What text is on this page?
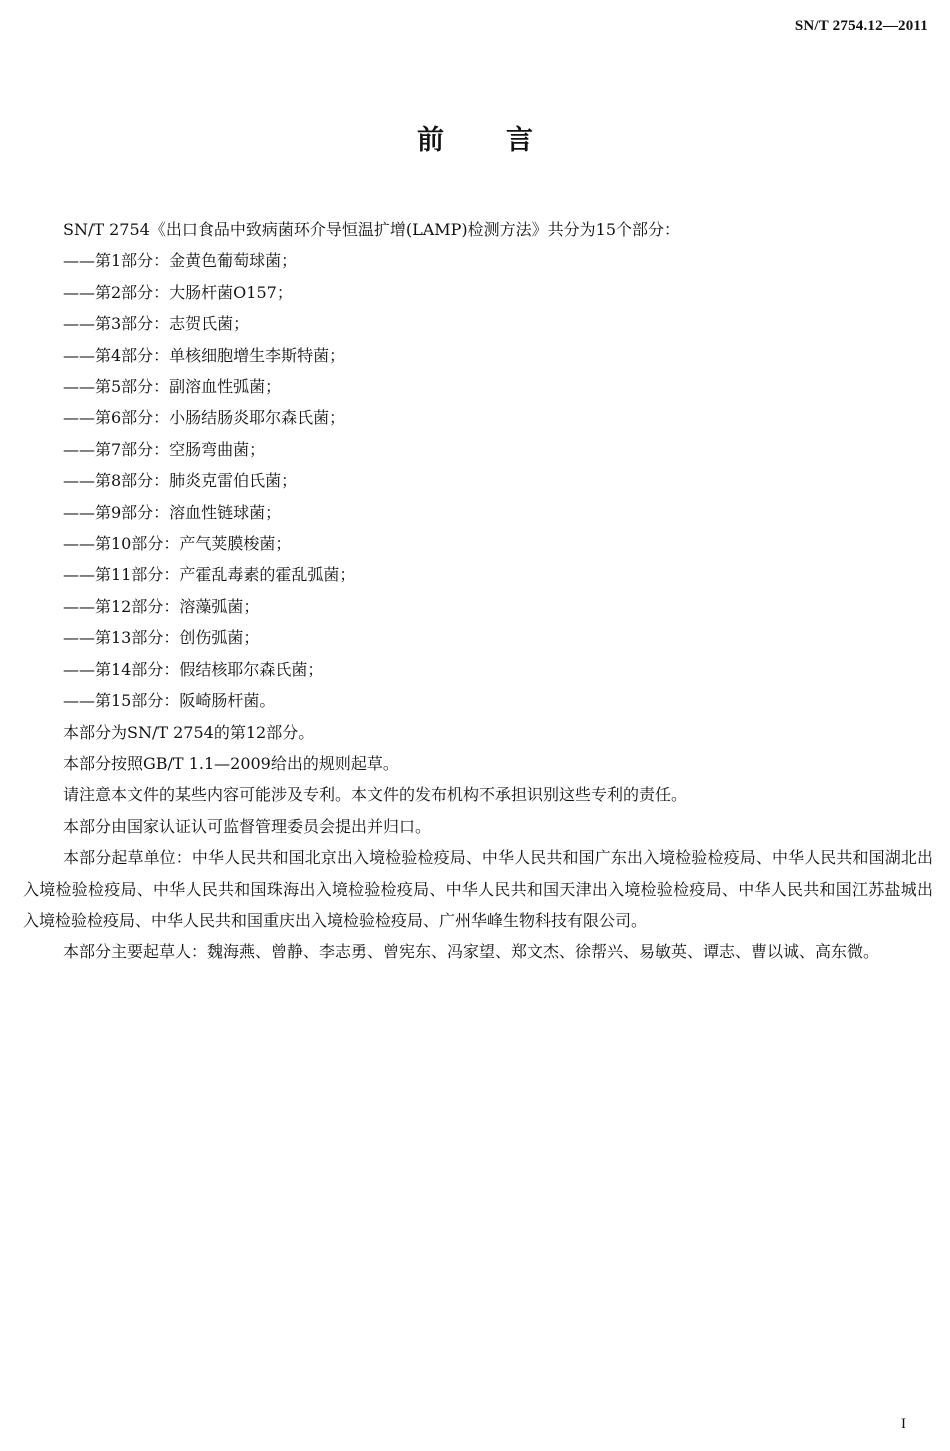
SN/T 2754.12—2011
前言

SN/T 2754《出口食品中致病菌环介导恒温扩增(LAMP)检测方法》共分为15个部分：

——第1部分：金黄色葡萄球菌；

——第2部分：大肠杆菌O157；

——第3部分：志贺氏菌；

——第4部分：单核细胞增生李斯特菌；

——第5部分：副溶血性弧菌；

——第6部分：小肠结肠炎耶尔森氏菌；

——第7部分：空肠弯曲菌；

——第8部分：肺炎克雷伯氏菌；

——第9部分：溶血性链球菌；

——第10部分：产气荚膜梭菌；

——第11部分：产霍乱毒素的霍乱弧菌；

——第12部分：溶藻弧菌；

——第13部分：创伤弧菌；

——第14部分：假结核耶尔森氏菌；

——第15部分：阪崎肠杆菌。

本部分为SN/T 2754的第12部分。

本部分按照GB/T 1.1—2009给出的规则起草。

请注意本文件的某些内容可能涉及专利。本文件的发布机构不承担识别这些专利的责任。

本部分由国家认证认可监督管理委员会提出并归口。

本部分起草单位：中华人民共和国北京出入境检验检疫局、中华人民共和国广东出入境检验检疫局、中华人民共和国湖北出入境检验检疫局、中华人民共和国珠海出入境检验检疫局、中华人民共和国天津出入境检验检疫局、中华人民共和国江苏盐城出入境检验检疫局、中华人民共和国重庆出入境检验检疫局、广州华峰生物科技有限公司。

本部分主要起草人：魏海燕、曾静、李志勇、曾宪东、冯家望、郑文杰、徐帮兴、易敏英、谭志、曹以诚、高东微。

I
